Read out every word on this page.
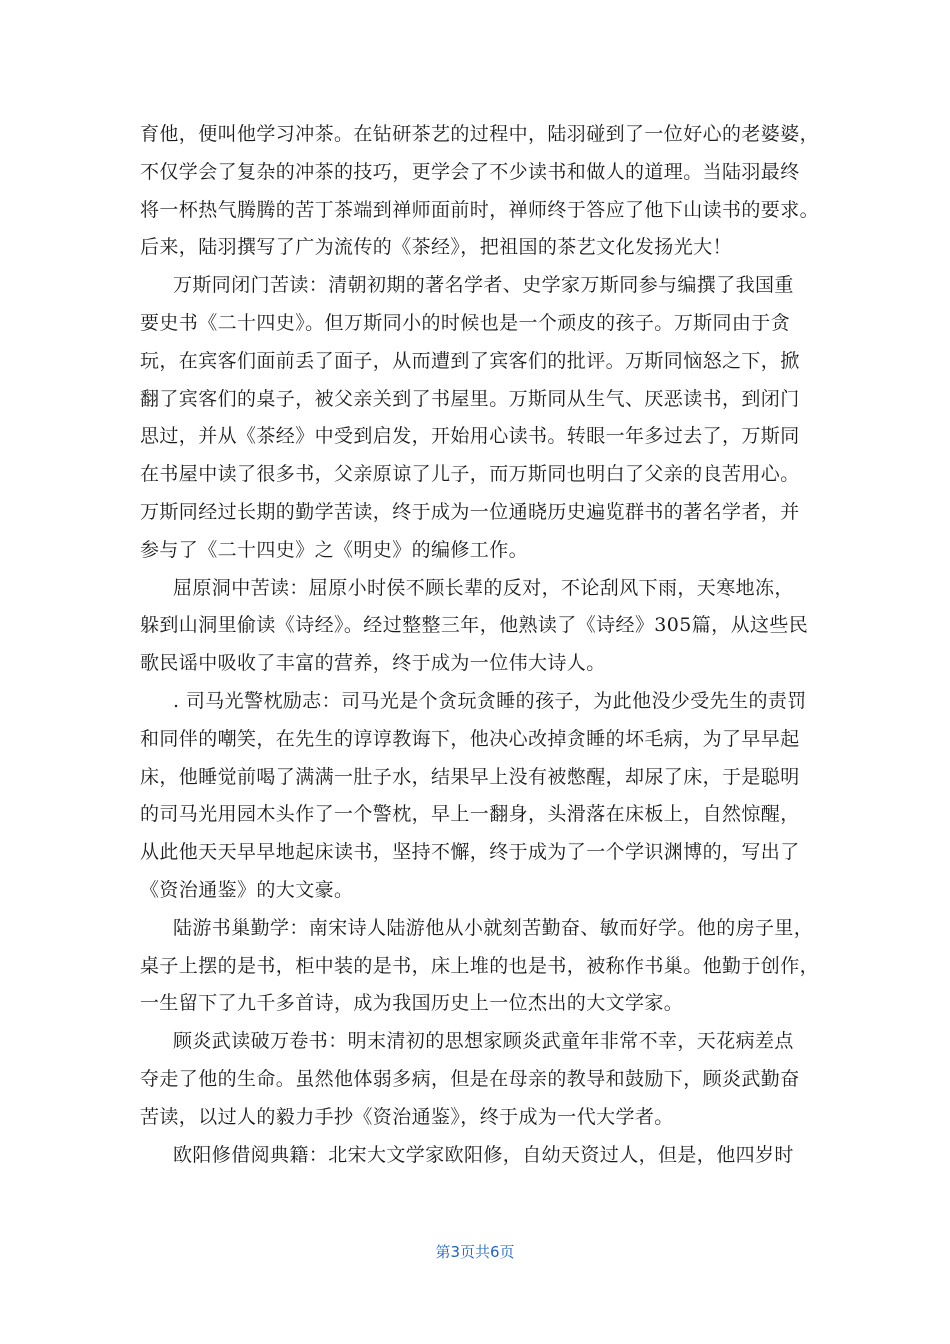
育他，便叫他学习冲茶。在钻研茶艺的过程中，陆羽碰到了一位好心的老婆婆，
不仅学会了复杂的冲茶的技巧，更学会了不少读书和做人的道理。当陆羽最终
将一杯热气腾腾的苦丁茶端到禅师面前时，禅师终于答应了他下山读书的要求。
后来，陆羽撰写了广为流传的《茶经》，把祖国的茶艺文化发扬光大！
万斯同闭门苦读：清朝初期的著名学者、史学家万斯同参与编撰了我国重
要史书《二十四史》。但万斯同小的时候也是一个顽皮的孩子。万斯同由于贪
玩，在宾客们面前丢了面子，从而遭到了宾客们的批评。万斯同恼怒之下，掀
翻了宾客们的桌子，被父亲关到了书屋里。万斯同从生气、厌恶读书，到闭门
思过，并从《茶经》中受到启发，开始用心读书。转眼一年多过去了，万斯同
在书屋中读了很多书，父亲原谅了儿子，而万斯同也明白了父亲的良苦用心。
万斯同经过长期的勤学苦读，终于成为一位通晓历史遍览群书的著名学者，并
参与了《二十四史》之《明史》的编修工作。
屈原洞中苦读：屈原小时侯不顾长辈的反对，不论刮风下雨，天寒地冻，
躲到山洞里偷读《诗经》。经过整整三年，他熟读了《诗经》305篇，从这些民
歌民谣中吸收了丰富的营养，终于成为一位伟大诗人。
. 司马光警枕励志：司马光是个贪玩贪睡的孩子，为此他没少受先生的责罚
和同伴的嘲笑，在先生的谆谆教诲下，他决心改掉贪睡的坏毛病，为了早早起
床，他睡觉前喝了满满一肚子水，结果早上没有被憋醒，却尿了床，于是聪明
的司马光用园木头作了一个警枕，早上一翻身，头滑落在床板上，自然惊醒，
从此他天天早早地起床读书，坚持不懈，终于成为了一个学识渊博的，写出了
《资治通鉴》的大文豪。
陆游书巢勤学：南宋诗人陆游他从小就刻苦勤奋、敏而好学。他的房子里，
桌子上摆的是书，柜中装的是书，床上堆的也是书，被称作书巢。他勤于创作，
一生留下了九千多首诗，成为我国历史上一位杰出的大文学家。
顾炎武读破万卷书：明末清初的思想家顾炎武童年非常不幸，天花病差点
夺走了他的生命。虽然他体弱多病，但是在母亲的教导和鼓励下，顾炎武勤奋
苦读，以过人的毅力手抄《资治通鉴》，终于成为一代大学者。
欧阳修借阅典籍：北宋大文学家欧阳修，自幼天资过人，但是，他四岁时
第3页共6页
